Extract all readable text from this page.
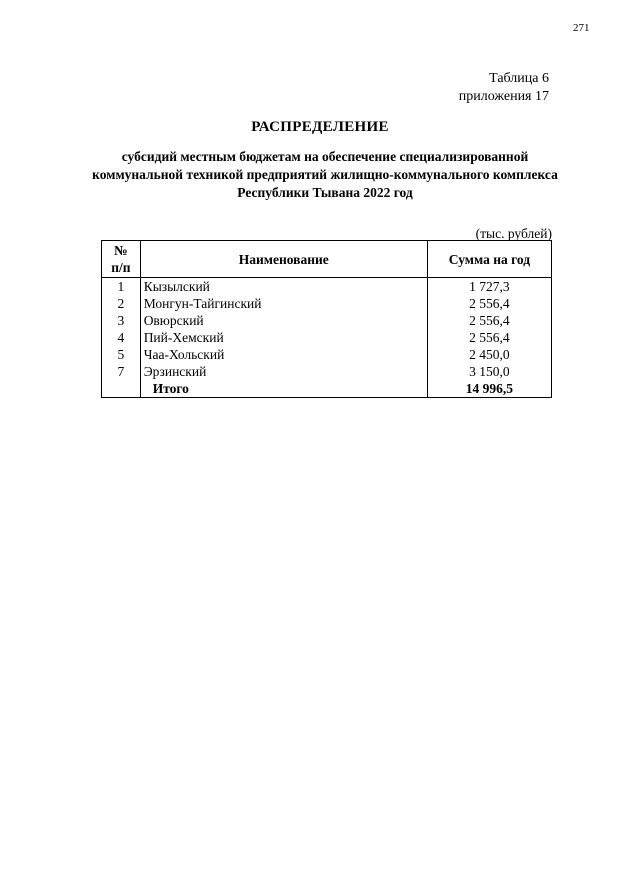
271
Таблица 6
приложения 17
РАСПРЕДЕЛЕНИЕ
субсидий местным бюджетам на обеспечение специализированной коммунальной техникой предприятий жилищно-коммунального комплекса Республики Тывана 2022 год
(тыс. рублей)
№
п/п	Наименование	Сумма на год
1	Кызылский	1 727,3
2	Монгун-Тайгинский	2 556,4
3	Овюрский	2 556,4
4	Пий-Хемский	2 556,4
5	Чаа-Хольский	2 450,0
7	Эрзинский	3 150,0
	Итого	14 996,5
